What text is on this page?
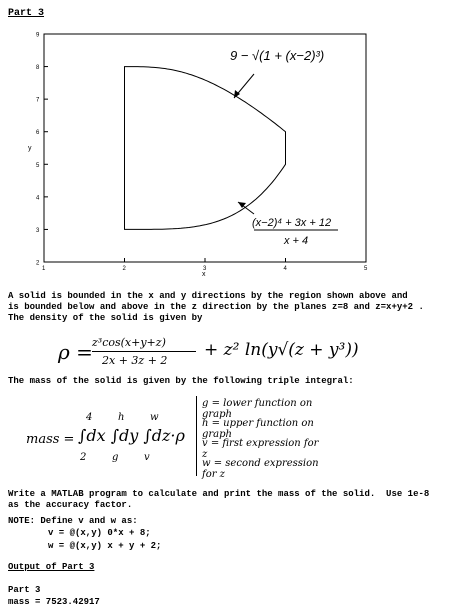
Part 3
2
3
4
5
6
7
8
9
1	2	3	4	5
y
x
9 − √(1 + (x−2)³)
(x−2)⁴ + 3x + 12
x + 4
A solid is bounded in the x and y directions by the region shown above and
is bounded below and above in the z direction by the planes z=8 and z=x+y+2 .
The density of the solid is given by
ρ = z³cos(x+y+z)
2x + 3z + 2
+ z² ln(y√(z + y³))
The mass of the solid is given by the following triple integral:
mass = ∫dx ∫dy ∫dz·ρ
4
2
h
g
w
v
g = lower function on graph
h = upper function on graph
v = first expression for z
w = second expression for z
Write a MATLAB program to calculate and print the mass of the solid.  Use 1e-8
as the accuracy factor.
NOTE: Define v and w as:
v = @(x,y) 0*x + 8;
w = @(x,y) x + y + 2;
Output of Part 3
Part 3
mass = 7523.42917
